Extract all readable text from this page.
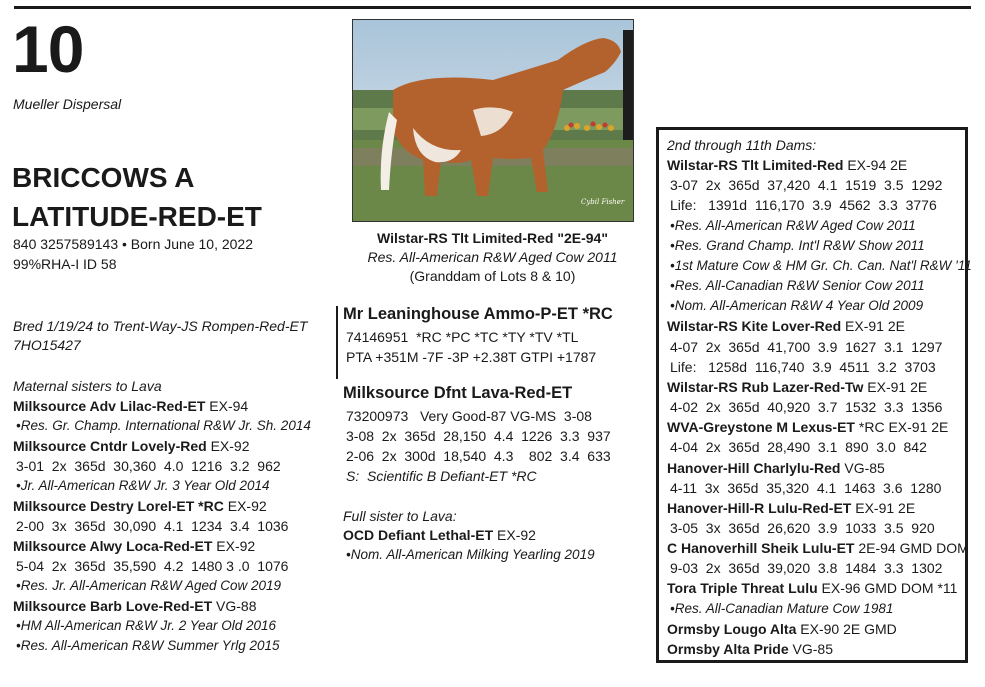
10
Mueller Dispersal
BRICCOWS A
LATITUDE-RED-ET
840 3257589143 • Born June 10, 2022
99%RHA-I ID 58
Bred 1/19/24 to Trent-Way-JS Rompen-Red-ET
7HO15427
Maternal sisters to Lava
Milksource Adv Lilac-Red-ET EX-94
•Res. Gr. Champ. International R&W Jr. Sh. 2014
Milksource Cntdr Lovely-Red EX-92
3-01  2x  365d  30,360  4.0  1216  3.2  962
•Jr. All-American R&W Jr. 3 Year Old 2014
Milksource Destry Lorel-ET *RC EX-92
2-00  3x  365d  30,090  4.1  1234  3.4  1036
Milksource Alwy Loca-Red-ET EX-92
5-04  2x  365d  35,590  4.2  1480 3 .0  1076
•Res. Jr. All-American R&W Aged Cow 2019
Milksource Barb Love-Red-ET VG-88
•HM All-American R&W Jr. 2 Year Old 2016
•Res. All-American R&W Summer Yrlg 2015
Cybil Fisher
Wilstar-RS Tlt Limited-Red "2E-94"
Res. All-American R&W Aged Cow 2011
(Granddam of Lots 8 & 10)
Mr Leaninghouse Ammo-P-ET *RC
74146951  *RC *PC *TC *TY *TV *TL
PTA +351M -7F -3P +2.38T GTPI +1787
Milksource Dfnt Lava-Red-ET
73200973   Very Good-87 VG-MS  3-08
3-08  2x  365d  28,150  4.4  1226  3.3  937
2-06  2x  300d  18,540  4.3    802  3.4  633
S:  Scientific B Defiant-ET *RC
Full sister to Lava:
OCD Defiant Lethal-ET EX-92
•Nom. All-American Milking Yearling 2019
2nd through 11th Dams:
Wilstar-RS Tlt Limited-Red EX-94 2E
3-07  2x  365d  37,420  4.1  1519  3.5  1292
Life:   1391d  116,170  3.9  4562  3.3  3776
•Res. All-American R&W Aged Cow 2011
•Res. Grand Champ. Int'l R&W Show 2011
•1st Mature Cow & HM Gr. Ch. Can. Nat'l R&W '11
•Res. All-Canadian R&W Senior Cow 2011
•Nom. All-American R&W 4 Year Old 2009
Wilstar-RS Kite Lover-Red EX-91 2E
4-07  2x  365d  41,700  3.9  1627  3.1  1297
Life:   1258d  116,740  3.9  4511  3.2  3703
Wilstar-RS Rub Lazer-Red-Tw EX-91 2E
4-02  2x  365d  40,920  3.7  1532  3.3  1356
WVA-Greystone M Lexus-ET *RC EX-91 2E
4-04  2x  365d  28,490  3.1  890  3.0  842
Hanover-Hill Charlylu-Red VG-85
4-11  3x  365d  35,320  4.1  1463  3.6  1280
Hanover-Hill-R Lulu-Red-ET EX-91 2E
3-05  3x  365d  26,620  3.9  1033  3.5  920
C Hanoverhill Sheik Lulu-ET 2E-94 GMD DOM
9-03  2x  365d  39,020  3.8  1484  3.3  1302
Tora Triple Threat Lulu EX-96 GMD DOM *11
•Res. All-Canadian Mature Cow 1981
Ormsby Lougo Alta EX-90 2E GMD
Ormsby Alta Pride VG-85
